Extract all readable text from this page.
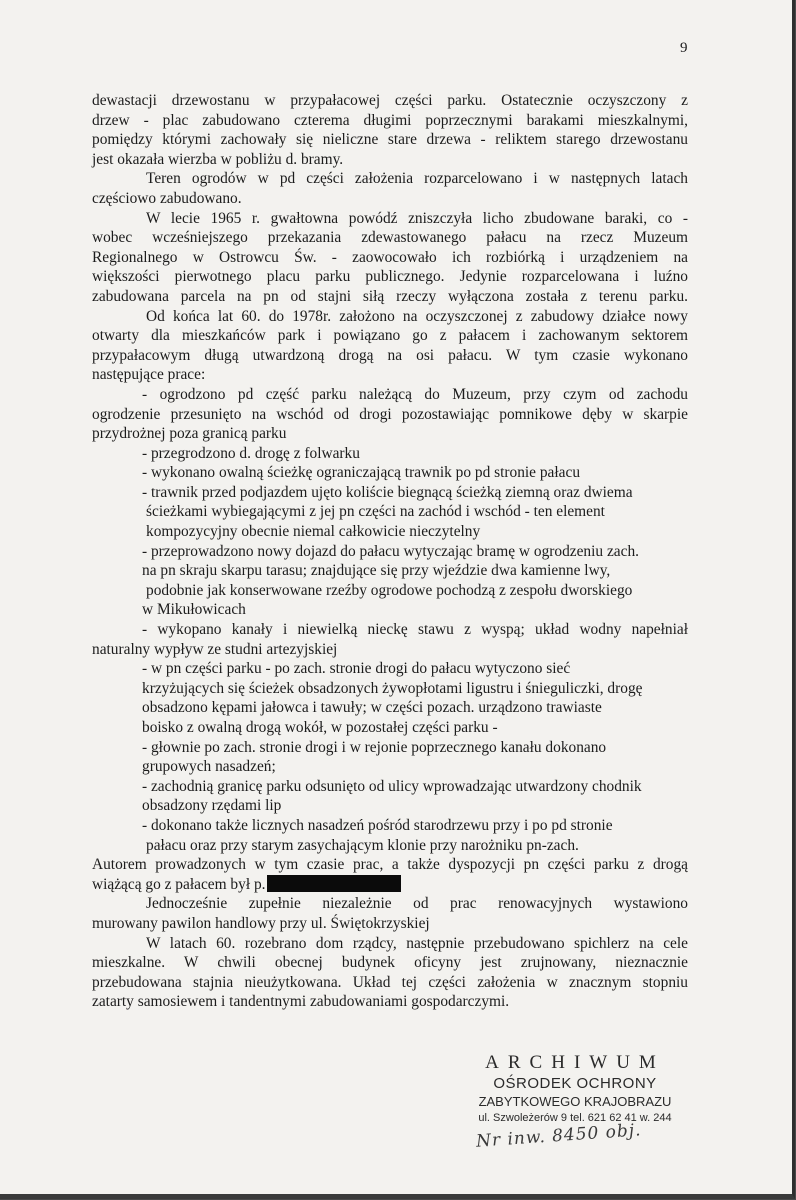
9
dewastacji drzewostanu w przypałacowej części parku. Ostatecznie oczyszczony z
drzew - plac zabudowano czterema długimi poprzecznymi barakami mieszkalnymi,
pomiędzy którymi zachowały się nieliczne stare drzewa - reliktem starego drzewostanu
jest okazała wierzba w pobliżu d. bramy.
Teren ogrodów w pd części założenia rozparcelowano i w następnych latach
częściowo zabudowano.
W lecie 1965 r. gwałtowna powódź zniszczyła licho zbudowane baraki, co -
wobec wcześniejszego przekazania zdewastowanego pałacu na rzecz Muzeum
Regionalnego w Ostrowcu Św. - zaowocowało ich rozbiórką i urządzeniem na
większości pierwotnego placu parku publicznego. Jedynie rozparcelowana i luźno
zabudowana parcela na pn od stajni siłą rzeczy wyłączona została z terenu parku.
Od końca lat 60. do 1978r. założono na oczyszczonej z zabudowy działce nowy
otwarty dla mieszkańców park i powiązano go z pałacem i zachowanym sektorem
przypałacowym długą utwardzoną drogą na osi pałacu. W tym czasie wykonano
następujące prace:
- ogrodzono pd część parku należącą do Muzeum, przy czym od zachodu
ogrodzenie przesunięto na wschód od drogi pozostawiając pomnikowe dęby w skarpie
przydrożnej poza granicą parku
- przegrodzono d. drogę z folwarku
- wykonano owalną ścieżkę ograniczającą trawnik po pd stronie pałacu
- trawnik przed podjazdem ujęto koliście biegnącą ścieżką ziemną oraz dwiema
ścieżkami wybiegającymi z jej pn części na zachód i wschód - ten element
kompozycyjny obecnie niemal całkowicie nieczytelny
- przeprowadzono nowy dojazd do pałacu wytyczając bramę w ogrodzeniu zach.
na pn skraju skarpu tarasu; znajdujące się przy wjeździe dwa kamienne lwy,
podobnie jak konserwowane rzeźby ogrodowe pochodzą z zespołu dworskiego
w Mikułowicach
- wykopano kanały i niewielką nieckę stawu z wyspą; układ wodny napełniał
naturalny wypływ ze studni artezyjskiej
- w pn części parku - po zach. stronie drogi do pałacu wytyczono sieć
krzyżujących się ścieżek obsadzonych żywopłotami ligustru i śnieguliczki, drogę
obsadzono kępami jałowca i tawuły; w części pozach. urządzono trawiaste
boisko z owalną drogą wokół, w pozostałej części parku -
- głownie po zach. stronie drogi i w rejonie poprzecznego kanału dokonano
grupowych nasadzeń;
- zachodnią granicę parku odsunięto od ulicy wprowadzając utwardzony chodnik
obsadzony rzędami lip
- dokonano także licznych nasadzeń pośród starodrzewu przy i po pd stronie
pałacu oraz przy starym zasychającym klonie przy narożniku pn-zach.
Autorem prowadzonych w tym czasie prac, a także dyspozycji pn części parku z drogą
wiążącą go z pałacem był p.
Jednocześnie zupełnie niezależnie od prac renowacyjnych wystawiono
murowany pawilon handlowy przy ul. Świętokrzyskiej
W latach 60. rozebrano dom rządcy, następnie przebudowano spichlerz na cele
mieszkalne. W chwili obecnej budynek oficyny jest zrujnowany, nieznacznie
przebudowana stajnia nieużytkowana. Układ tej części założenia w znacznym stopniu
zatarty samosiewem i tandentnymi zabudowaniami gospodarczymi.
ARCHIWUM
OŚRODEK OCHRONY
ZABYTKOWEGO KRAJOBRAZU
ul. Szwoleżerów 9 tel. 621 62 41 w. 244
Nr inw. 8450 obj.
